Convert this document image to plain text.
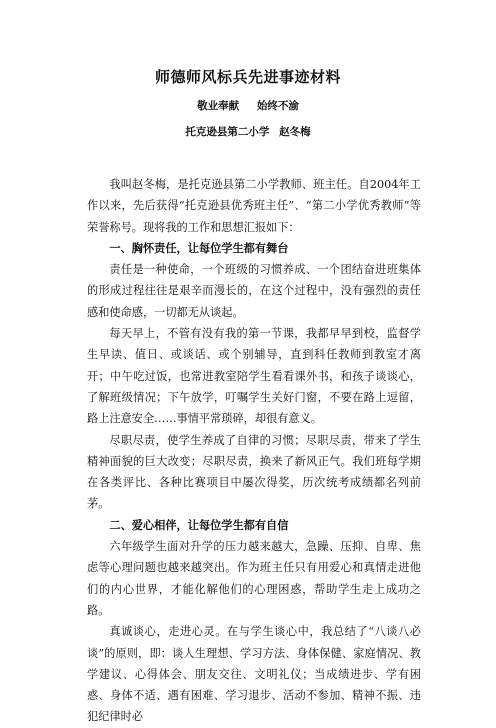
师德师风标兵先进事迹材料
敬业奉献 始终不渝
托克逊县第二小学 赵冬梅

我叫赵冬梅，是托克逊县第二小学教师、班主任。自2004年工作以来，先后获得“托克逊县优秀班主任”、“第二小学优秀教师”等荣誉称号。现将我的工作和思想汇报如下：

一、胸怀责任，让每位学生都有舞台

责任是一种使命，一个班级的习惯养成、一个团结奋进班集体的形成过程往往是艰辛而漫长的，在这个过程中，没有强烈的责任感和使命感，一切都无从谈起。

每天早上，不管有没有我的第一节课，我都早早到校，监督学生早读、值日、或谈话、或个别辅导，直到科任教师到教室才离开；中午吃过饭，也常进教室陪学生看看课外书，和孩子谈谈心，了解班级情况；下午放学，叮嘱学生关好门窗，不要在路上逗留，路上注意安全……事情平常琐碎，却很有意义。

尽职尽责，使学生养成了自律的习惯；尽职尽责，带来了学生精神面貌的巨大改变；尽职尽责，换来了新风正气。我们班每学期在各类评比、各种比赛项目中屡次得奖，历次统考成绩都名列前茅。

二、爱心相伴，让每位学生都有自信

六年级学生面对升学的压力越来越大，急躁、压抑、自卑、焦虑等心理问题也越来越突出。作为班主任只有用爱心和真情走进他们的内心世界，才能化解他们的心理困惑，帮助学生走上成功之路。

真诚谈心，走进心灵。在与学生谈心中，我总结了“八谈八必谈”的原则，即：谈人生理想、学习方法、身体保健、家庭情况、教学建议、心得体会、朋友交往、文明礼仪；当成绩进步、学有困惑、身体不适、遇有困难、学习退步、活动不参加、精神不振、违犯纪律时必
